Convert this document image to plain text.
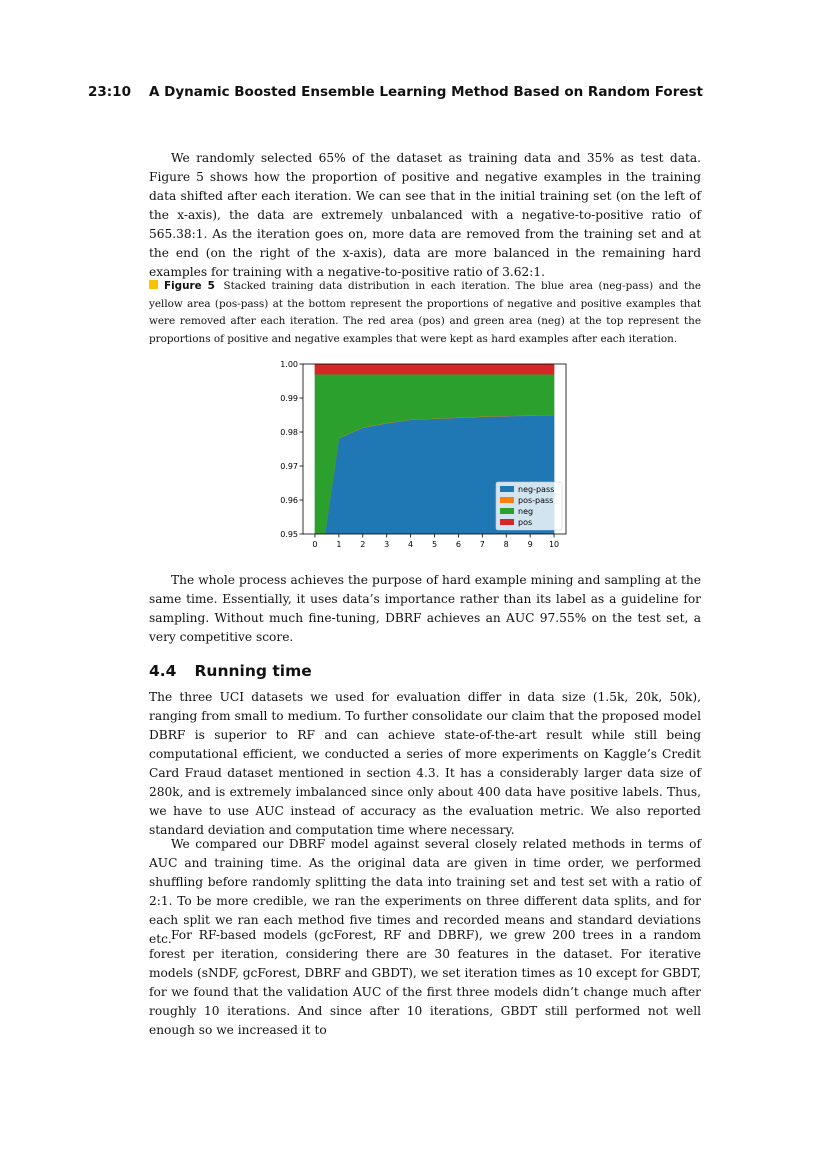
23:10 A Dynamic Boosted Ensemble Learning Method Based on Random Forest

We randomly selected 65% of the dataset as training data and 35% as test data. Figure 5 shows how the proportion of positive and negative examples in the training data shifted after each iteration. We can see that in the initial training set (on the left of the x-axis), the data are extremely unbalanced with a negative-to-positive ratio of 565.38:1. As the iteration goes on, more data are removed from the training set and at the end (on the right of the x-axis), data are more balanced in the remaining hard examples for training with a negative-to-positive ratio of 3.62:1.

Figure 5 Stacked training data distribution in each iteration. The blue area (neg-pass) and the yellow area (pos-pass) at the bottom represent the proportions of negative and positive examples that were removed after each iteration. The red area (pos) and green area (neg) at the top represent the proportions of positive and negative examples that were kept as hard examples after each iteration.

0 1 2 3 4 5 6 7 8 9 10
0.95
0.96
0.97
0.98
0.99
1.00
neg-pass
pos-pass
neg
pos

The whole process achieves the purpose of hard example mining and sampling at the same time. Essentially, it uses data’s importance rather than its label as a guideline for sampling. Without much fine-tuning, DBRF achieves an AUC 97.55% on the test set, a very competitive score.

4.4 Running time

The three UCI datasets we used for evaluation differ in data size (1.5k, 20k, 50k), ranging from small to medium. To further consolidate our claim that the proposed model DBRF is superior to RF and can achieve state-of-the-art result while still being computational efficient, we conducted a series of more experiments on Kaggle’s Credit Card Fraud dataset mentioned in section 4.3. It has a considerably larger data size of 280k, and is extremely imbalanced since only about 400 data have positive labels. Thus, we have to use AUC instead of accuracy as the evaluation metric. We also reported standard deviation and computation time where necessary.

We compared our DBRF model against several closely related methods in terms of AUC and training time. As the original data are given in time order, we performed shuffling before randomly splitting the data into training set and test set with a ratio of 2:1. To be more credible, we ran the experiments on three different data splits, and for each split we ran each method five times and recorded means and standard deviations etc. For RF-based models (gcForest, RF and DBRF), we grew 200 trees in a random forest per iteration, considering there are 30 features in the dataset. For iterative models (sNDF, gcForest, DBRF and GBDT), we set iteration times as 10 except for GBDT, for we found that the validation AUC of the first three models didn’t change much after roughly 10 iterations. And since after 10 iterations, GBDT still performed not well enough so we increased it to
